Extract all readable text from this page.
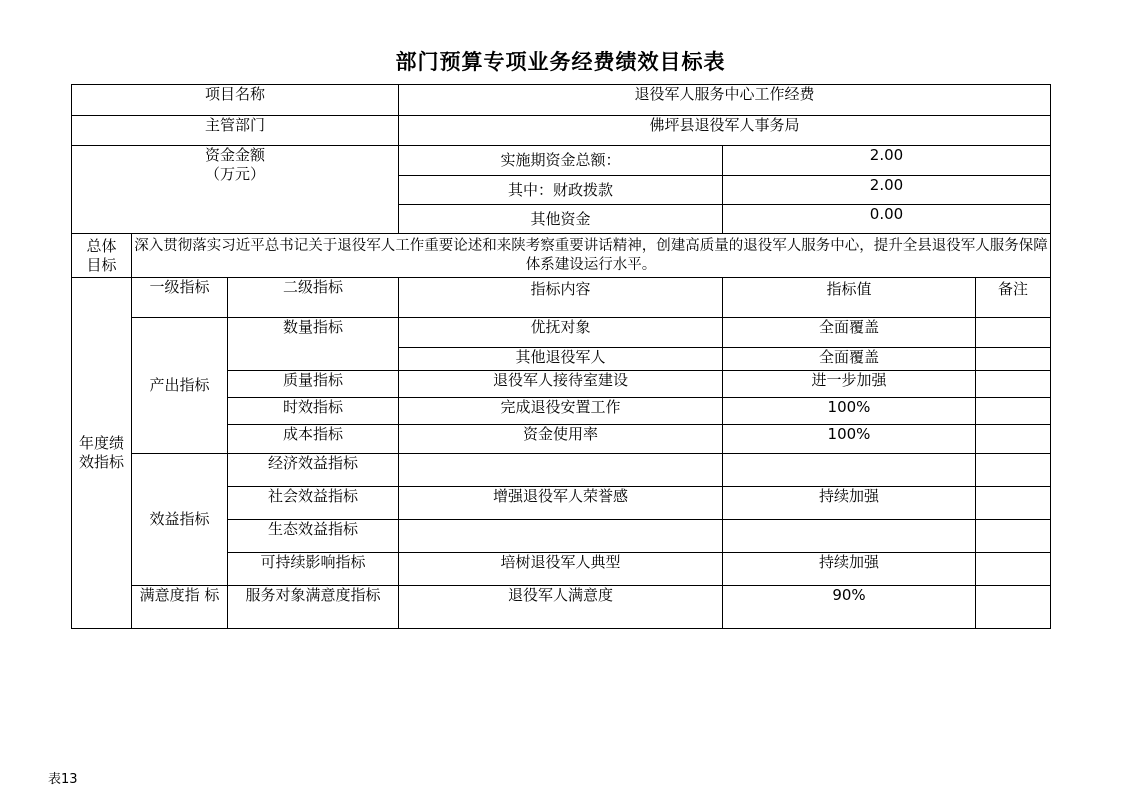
部门预算专项业务经费绩效目标表
项目名称			退役军人服务中心工作经费		
主管部门			佛坪县退役军人事务局		

资金金额
（万元）			实施期资金总额：	2.00	
			其中：财政拨款	2.00	
			其他资金	0.00	

总体
目标	深入贯彻落实习近平总书记关于退役军人工作重要论述和来陕考察重要讲话精神，创建高质量的退役军人服务中心，提升全县退役军人服务保障体系建设运行水平。				

年度绩
效指标	一级指标	二级指标	指标内容	指标值	备注
	产出指标	数量指标	优抚对象	全面覆盖	
			其他退役军人	全面覆盖	
		质量指标	退役军人接待室建设	进一步加强	
		时效指标	完成退役安置工作	100%	
		成本指标	资金使用率	100%	
	效益指标	经济效益指标			
		社会效益指标	增强退役军人荣誉感	持续加强	
		生态效益指标			
		可持续影响指标	培树退役军人典型	持续加强	
	满意度指 标	服务对象满意度指标	退役军人满意度	90%	
表13
